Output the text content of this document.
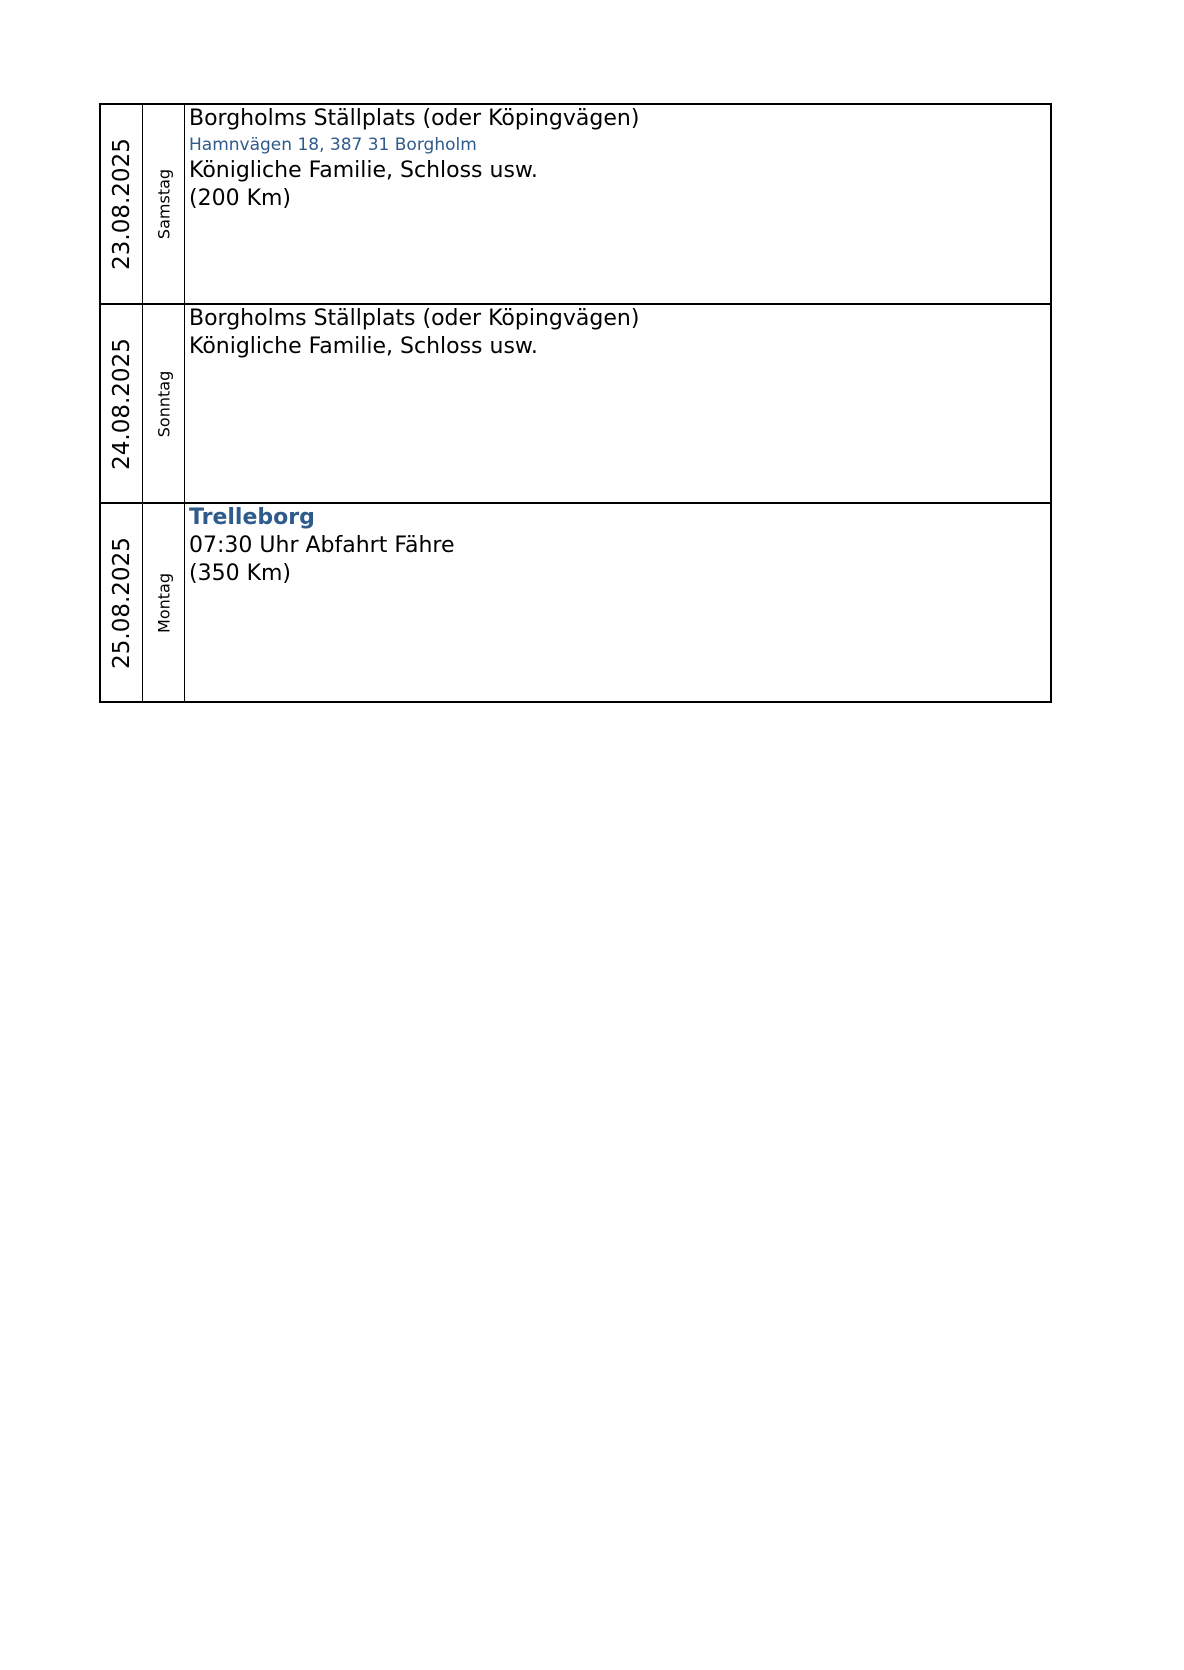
23.08.2025 Samstag
Borgholms Ställplats (oder Köpingvägen)
Hamnvägen 18, 387 31 Borgholm
Königliche Familie, Schloss usw.
(200 Km)
24.08.2025 Sonntag
Borgholms Ställplats (oder Köpingvägen)
Königliche Familie, Schloss usw.
25.08.2025 Montag
Trelleborg
07:30 Uhr Abfahrt Fähre
(350 Km)
